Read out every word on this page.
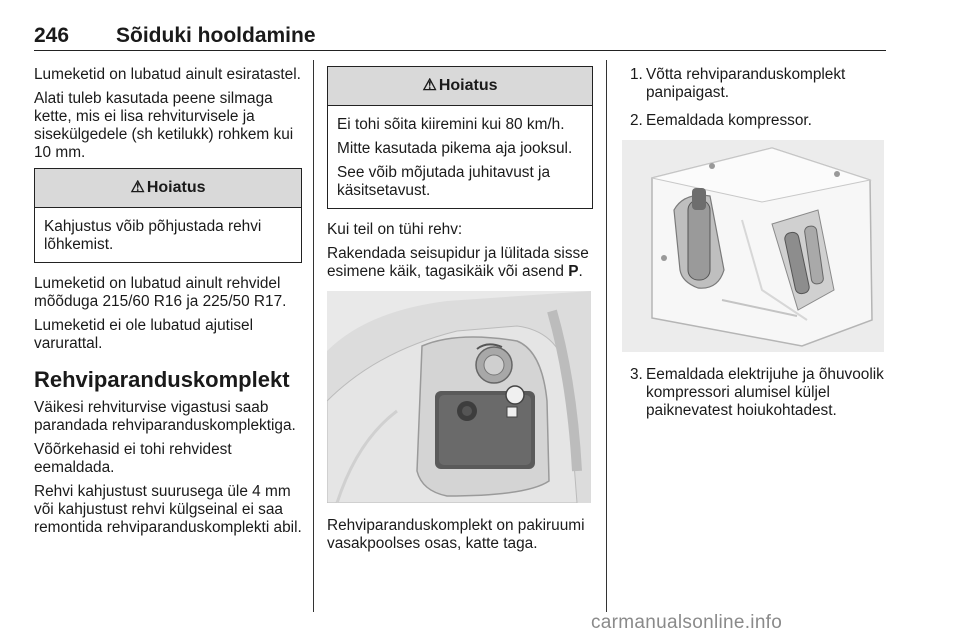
246 Sõiduki hooldamine

Lumeketid on lubatud ainult esiratastel.

Alati tuleb kasutada peene silmaga kette, mis ei lisa rehviturvisele ja sisekülgedele (sh ketilukk) rohkem kui 10 mm.

⚠ Hoiatus
Kahjustus võib põhjustada rehvi lõhkemist.

Lumeketid on lubatud ainult rehvidel mõõduga 215/60 R16 ja 225/50 R17.

Lumeketid ei ole lubatud ajutisel varurattal.

Rehviparanduskomplekt

Väikesi rehviturvise vigastusi saab parandada rehviparanduskomplektiga.

Võõrkehasid ei tohi rehvidest eemaldada.

Rehvi kahjustust suurusega üle 4 mm või kahjustust rehvi külgseinal ei saa remontida rehviparanduskomplekti abil.

⚠ Hoiatus

Ei tohi sõita kiiremini kui 80 km/h.

Mitte kasutada pikema aja jooksul.

See võib mõjutada juhitavust ja käsitsetavust.

Kui teil on tühi rehv:

Rakendada seisupidur ja lülitada sisse esimene käik, tagasikäik või asend P.

Rehviparanduskomplekt on pakiruumi vasakpoolses osas, katte taga.

1. Võtta rehviparanduskomplekt panipaigast.
2. Eemaldada kompressor.
3. Eemaldada elektrijuhe ja õhuvoolik kompressori alumisel küljel paiknevatest hoiukohtadest.
carmanualsonline.info
